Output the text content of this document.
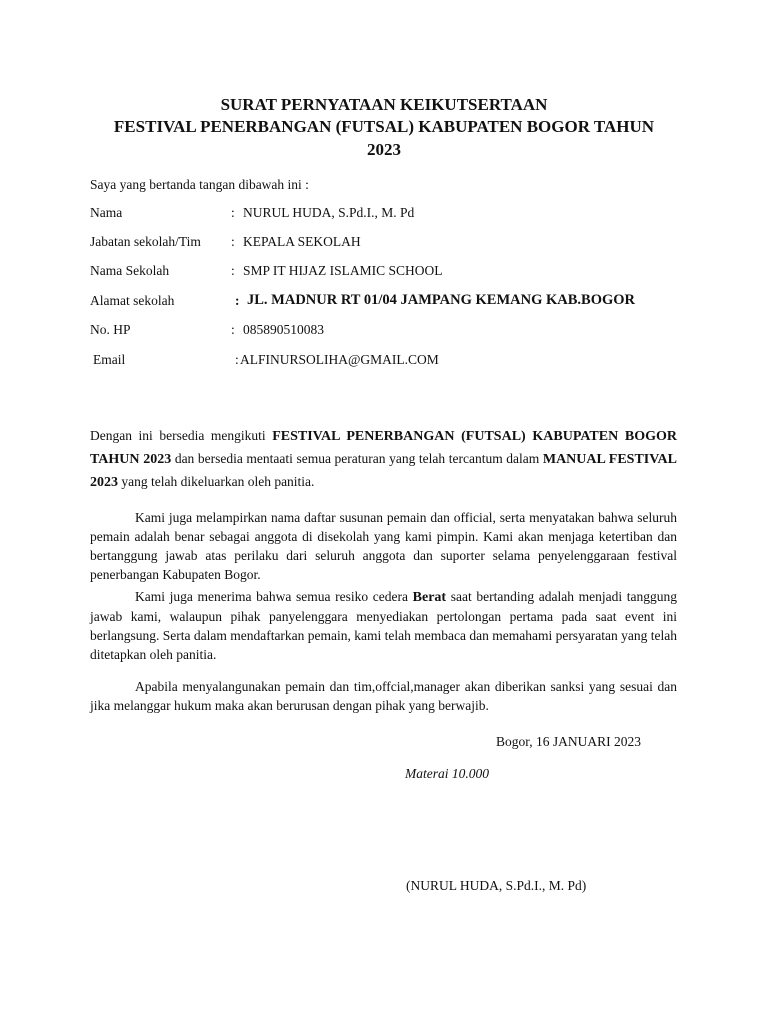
SURAT PERNYATAAN KEIKUTSERTAAN
FESTIVAL PENERBANGAN (FUTSAL) KABUPATEN BOGOR TAHUN
2023
Saya yang bertanda tangan dibawah ini :
Nama	: NURUL HUDA, S.Pd.I., M. Pd
Jabatan sekolah/Tim : KEPALA SEKOLAH
Nama Sekolah	: SMP IT HIJAZ ISLAMIC SCHOOL
Alamat sekolah	: JL. MADNUR RT 01/04 JAMPANG KEMANG KAB.BOGOR
No. HP	: 085890510083
Email	: ALFINURSOLIHA@GMAIL.COM
Dengan ini bersedia mengikuti FESTIVAL PENERBANGAN (FUTSAL) KABUPATEN BOGOR TAHUN 2023 dan bersedia mentaati semua peraturan yang telah tercantum dalam MANUAL FESTIVAL 2023 yang telah dikeluarkan oleh panitia.
Kami juga melampirkan nama daftar susunan pemain dan official, serta menyatakan bahwa seluruh pemain adalah benar sebagai anggota di disekolah yang kami pimpin. Kami akan menjaga ketertiban dan bertanggung jawab atas perilaku dari seluruh anggota dan suporter selama penyelenggaraan festival penerbangan Kabupaten Bogor.
Kami juga menerima bahwa semua resiko cedera Berat saat bertanding adalah menjadi tanggung jawab kami, walaupun pihak panyelenggara menyediakan pertolongan pertama pada saat event ini berlangsung. Serta dalam mendaftarkan pemain, kami telah membaca dan memahami persyaratan yang telah ditetapkan oleh panitia.
Apabila menyalangunakan pemain dan tim,offcial,manager akan diberikan sanksi yang sesuai dan jika melanggar hukum maka akan berurusan dengan pihak yang berwajib.
Bogor, 16 JANUARI 2023
Materai 10.000
(NURUL HUDA, S.Pd.I., M. Pd)
